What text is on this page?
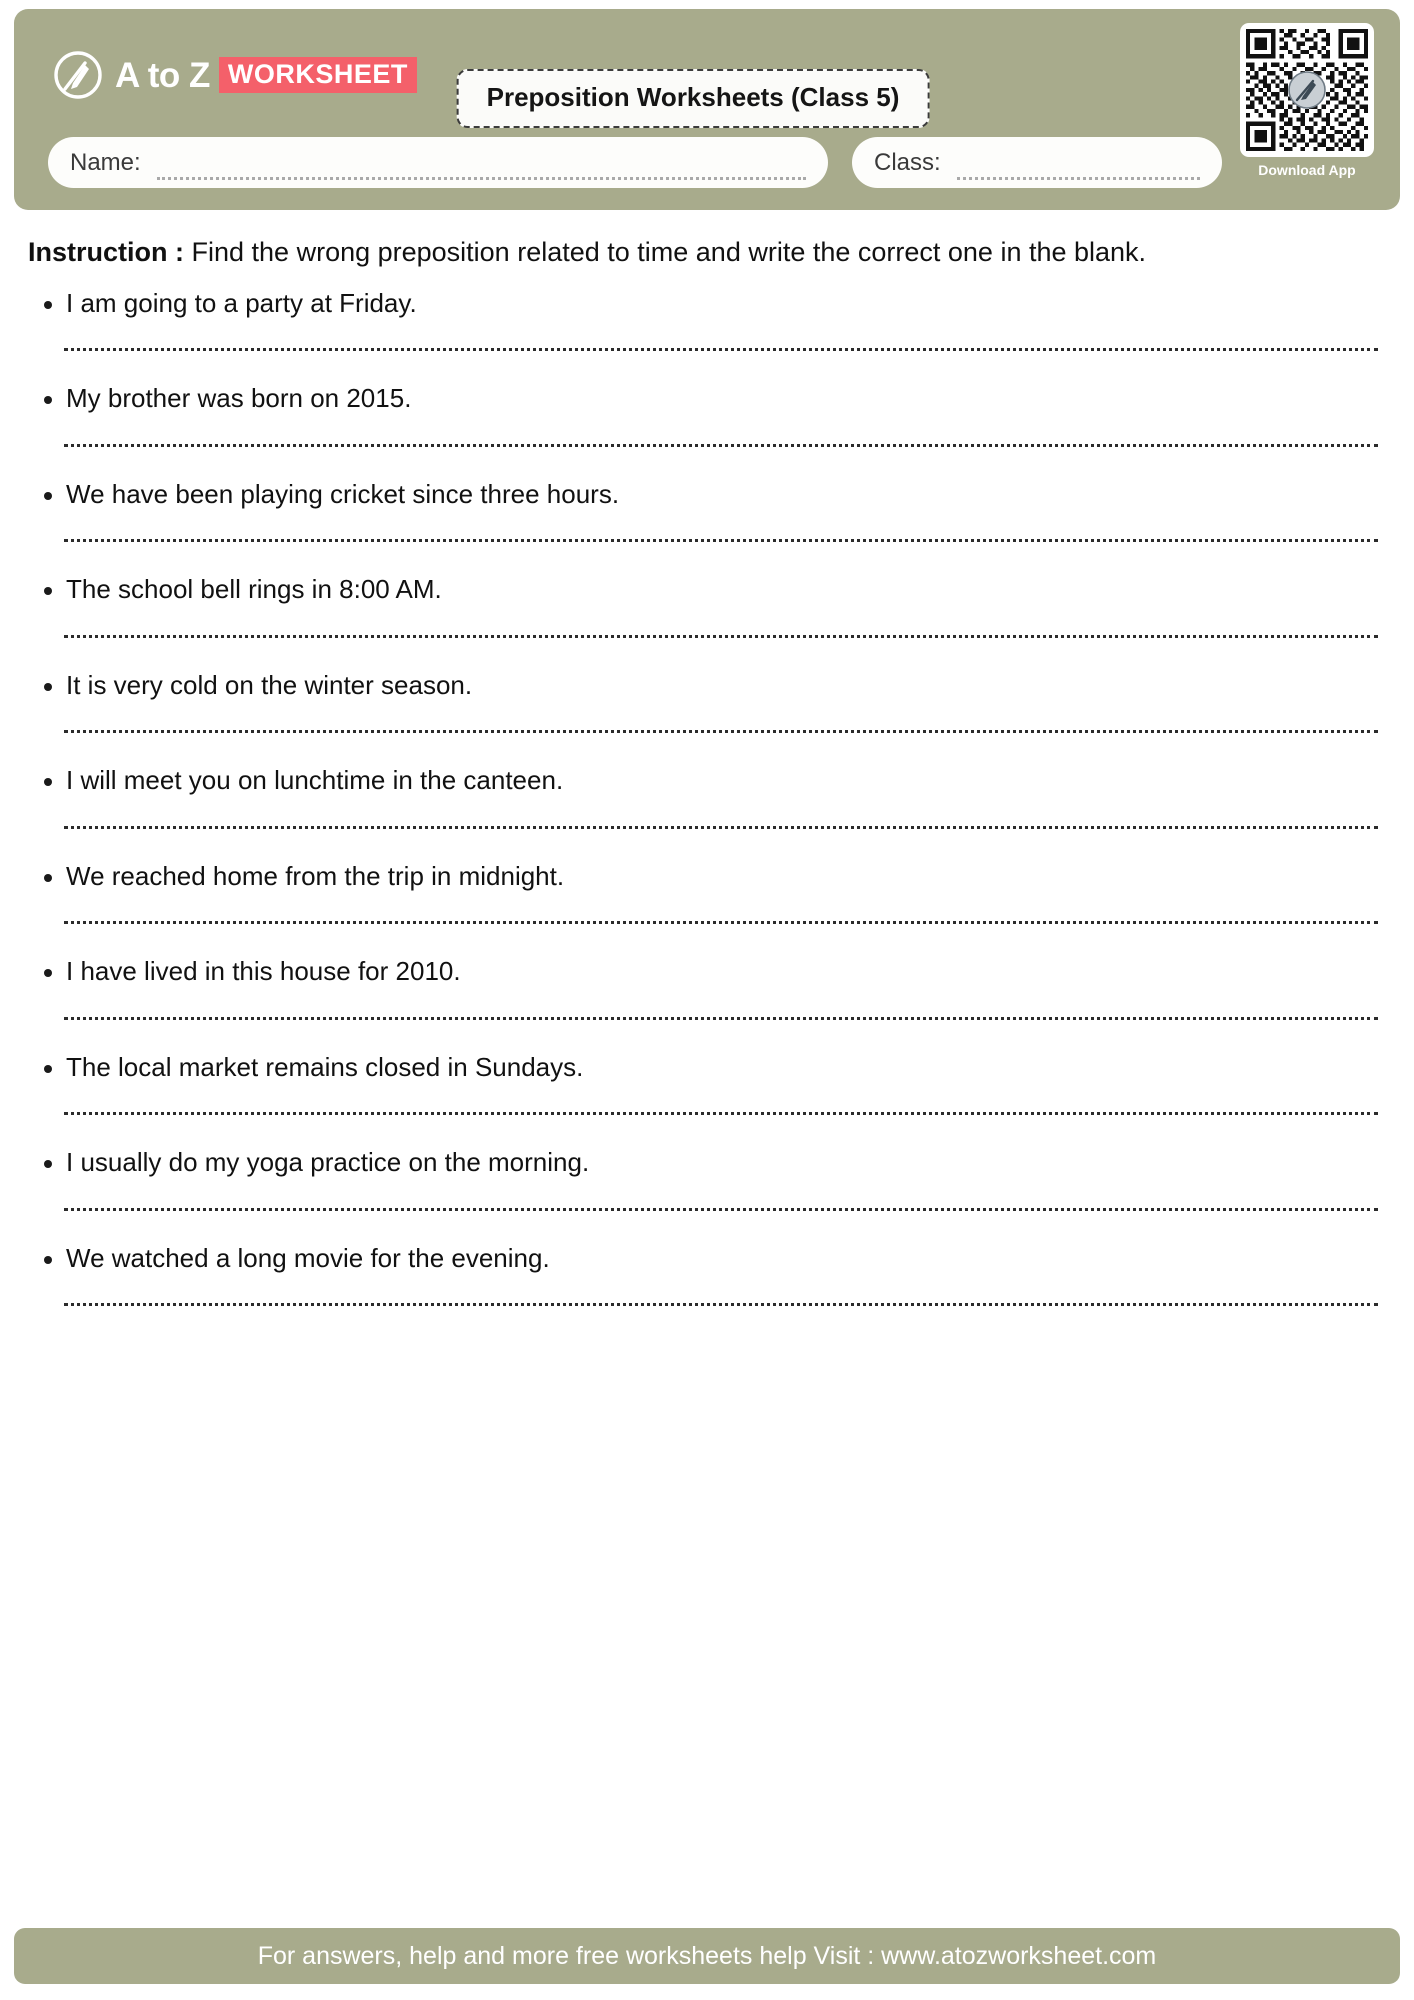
A to Z WORKSHEET
Preposition Worksheets (Class 5)
Name:	Class:	Download App

Instruction : Find the wrong preposition related to time and write the correct one in the blank.

I am going to a party at Friday.
My brother was born on 2015.
We have been playing cricket since three hours.
The school bell rings in 8:00 AM.
It is very cold on the winter season.
I will meet you on lunchtime in the canteen.
We reached home from the trip in midnight.
I have lived in this house for 2010.
The local market remains closed in Sundays.
I usually do my yoga practice on the morning.
We watched a long movie for the evening.
For answers, help and more free worksheets help Visit : www.atozworksheet.com
